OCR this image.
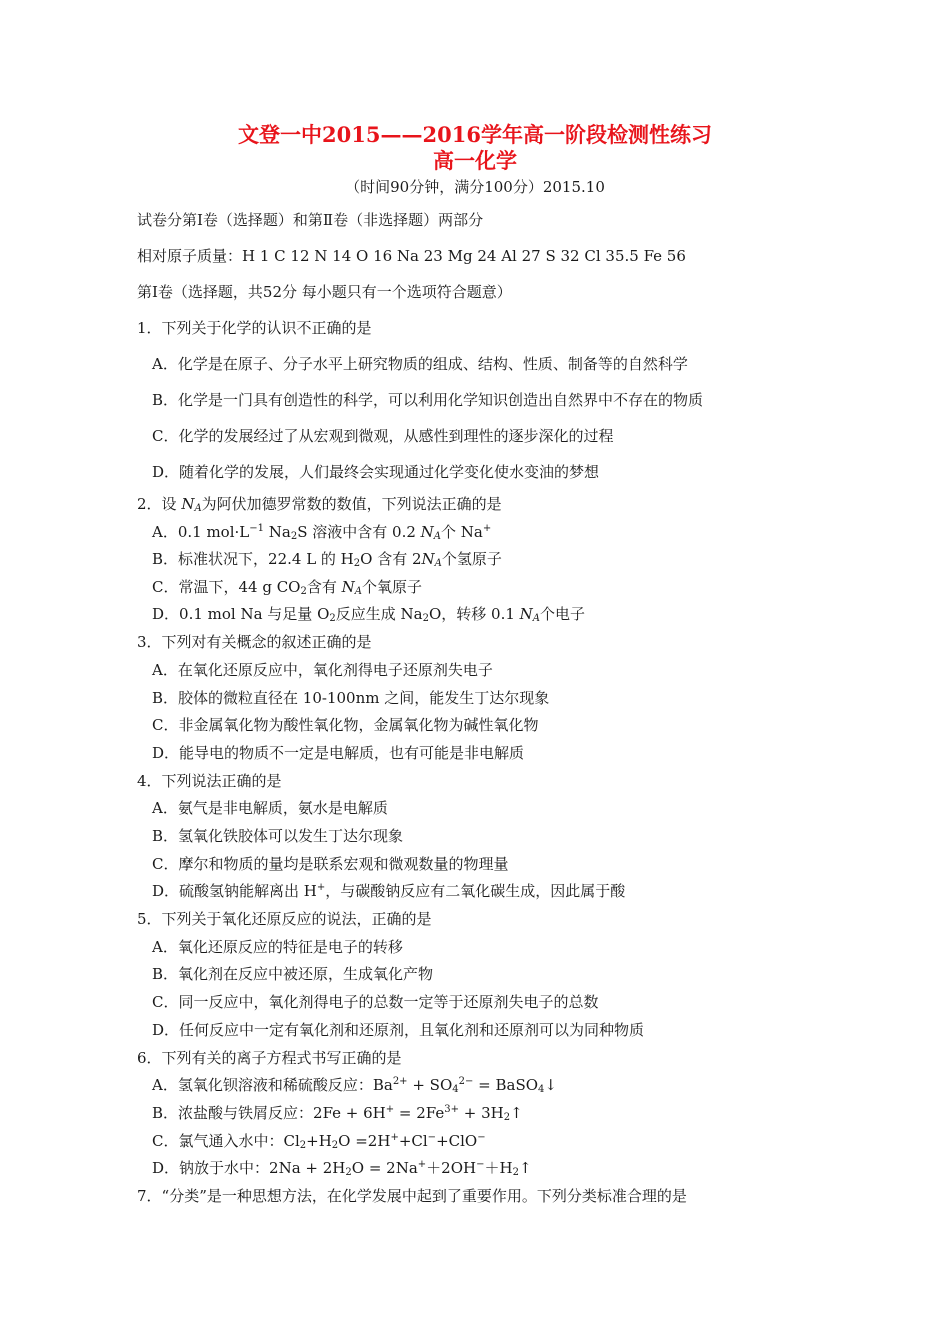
文登一中2015——2016学年高一阶段检测性练习
高一化学
（时间90分钟，满分100分）2015.10
试卷分第Ⅰ卷（选择题）和第Ⅱ卷（非选择题）两部分
相对原子质量：H 1 C 12 N 14 O 16 Na 23 Mg 24 Al 27 S 32 Cl 35.5 Fe 56
第Ⅰ卷（选择题，共52分 每小题只有一个选项符合题意）
1．下列关于化学的认识不正确的是
A．化学是在原子、分子水平上研究物质的组成、结构、性质、制备等的自然科学
B．化学是一门具有创造性的科学，可以利用化学知识创造出自然界中不存在的物质
C．化学的发展经过了从宏观到微观，从感性到理性的逐步深化的过程
D．随着化学的发展，人们最终会实现通过化学变化使水变油的梦想
2．设 $N_A$为阿伏加德罗常数的数值，下列说法正确的是
A．0.1 $mol\cdot L^{-1}$ $Na_2S$ 溶液中含有 0.2 $N_A$个 Na+
B．标准状况下，22.4 L 的 $H_2O$ 含有 $2N_A$个氢原子
C．常温下，44 g $CO_2$含有 $N_A$个氧原子
D．0.1 mol Na 与足量 $O_2$反应生成 $Na_2O$，转移 0.1 $N_A$个电子
3．下列对有关概念的叙述正确的是
A．在氧化还原反应中，氧化剂得电子还原剂失电子
B．胶体的微粒直径在 10-100nm 之间，能发生丁达尔现象
C．非金属氧化物为酸性氧化物，金属氧化物为碱性氧化物
D．能导电的物质不一定是电解质，也有可能是非电解质
4．下列说法正确的是
A．氨气是非电解质，氨水是电解质
B．氢氧化铁胶体可以发生丁达尔现象
C．摩尔和物质的量均是联系宏观和微观数量的物理量
D．硫酸氢钠能解离出 H+，与碳酸钠反应有二氧化碳生成，因此属于酸
5．下列关于氧化还原反应的说法，正确的是
A．氧化还原反应的特征是电子的转移
B．氧化剂在反应中被还原，生成氧化产物
C．同一反应中，氧化剂得电子的总数一定等于还原剂失电子的总数
D．任何反应中一定有氧化剂和还原剂，且氧化剂和还原剂可以为同种物质
6．下列有关的离子方程式书写正确的是
A．氢氧化钡溶液和稀硫酸反应：$Ba^{2+} + SO_4^{2-}$ = BaSO$_4$↓
B．浓盐酸与铁屑反应：$2Fe + 6H^+ = 2Fe^{3+}$ + $3H_2↑$
C．氯气通入水中：$Cl_2+H_2O =2H^++Cl^-+ClO^-$
D．钠放于水中：$2Na + 2H_2O$ = $2Na^++2OH^-+H_2↑$
7．“分类”是一种思想方法，在化学发展中起到了重要作用。下列分类标准合理的是
